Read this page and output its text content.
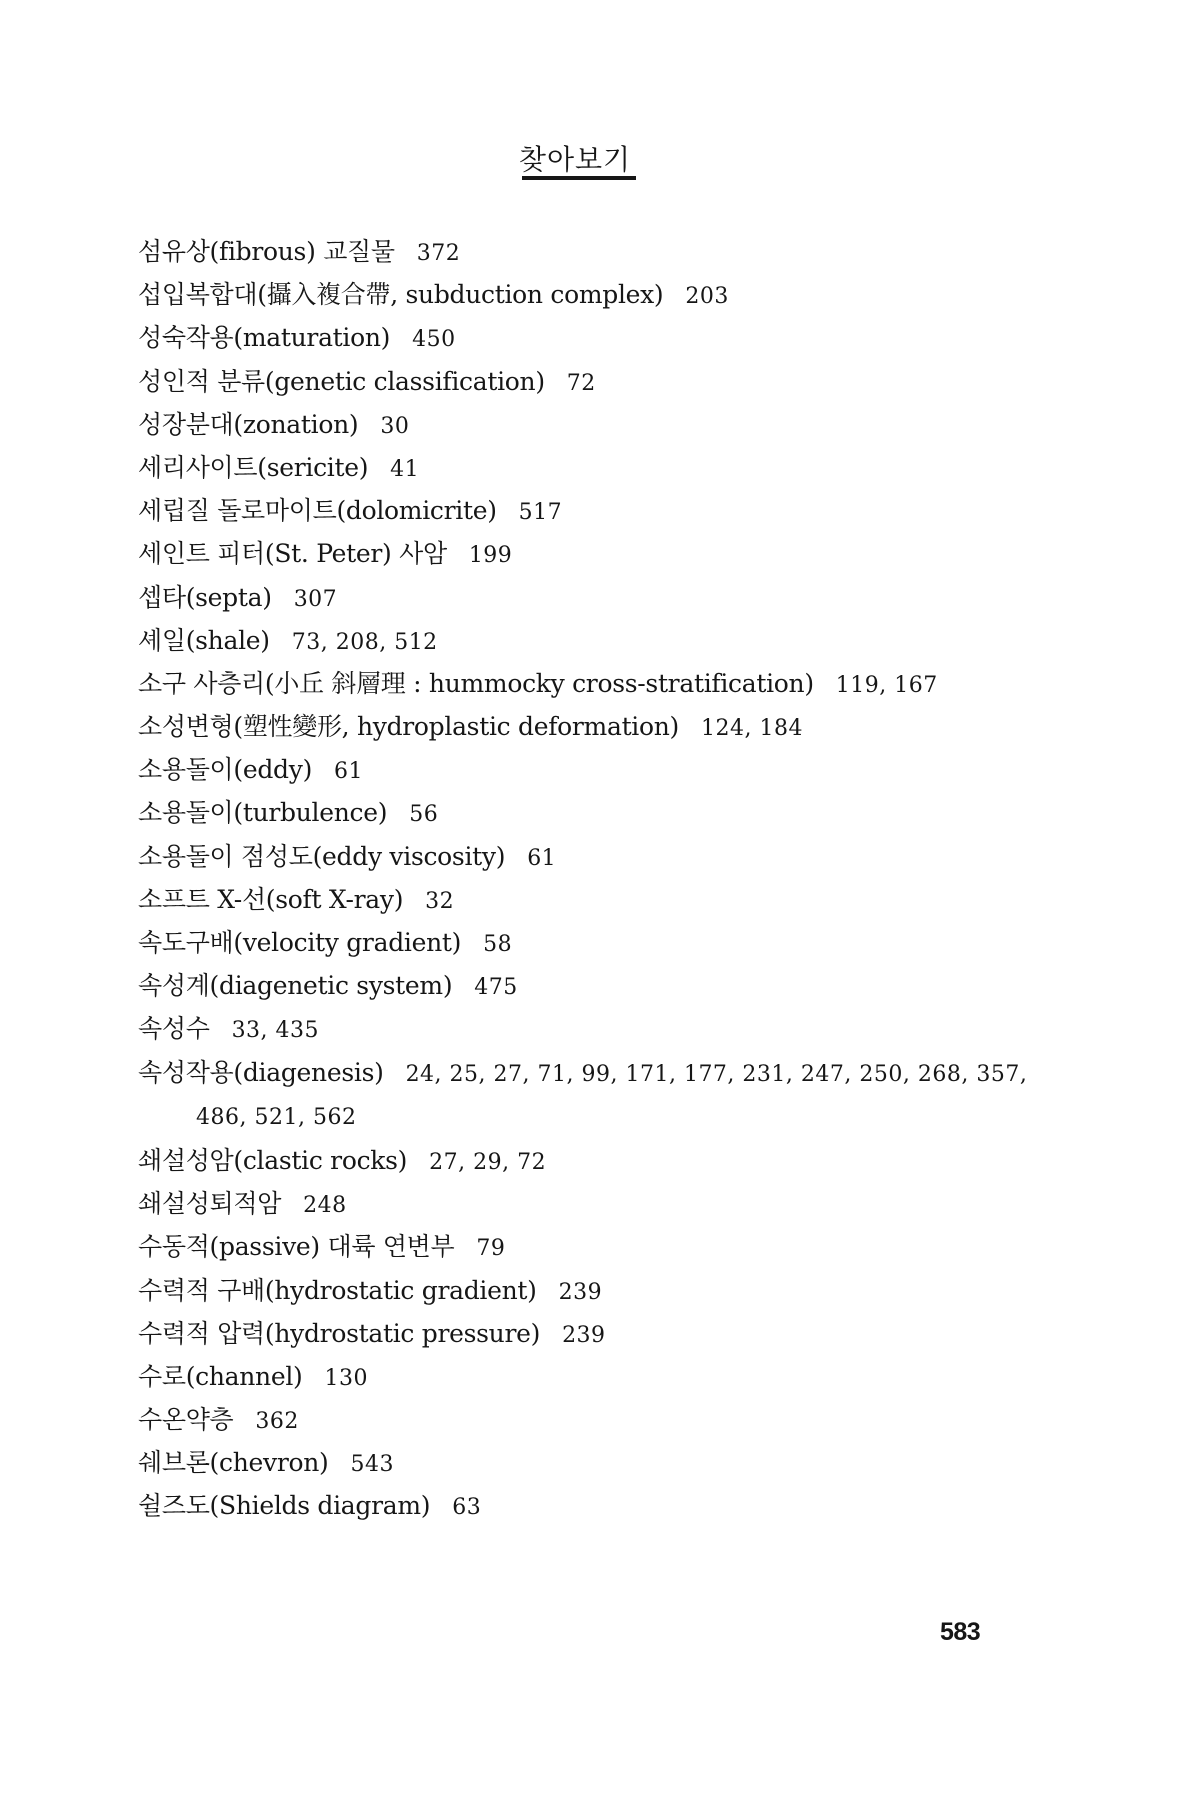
찾아보기
섬유상(fibrous) 교질물 372
섭입복합대(攝入複合帶, subduction complex) 203
성숙작용(maturation) 450
성인적 분류(genetic classification) 72
성장분대(zonation) 30
세리사이트(sericite) 41
세립질 돌로마이트(dolomicrite) 517
세인트 피터(St. Peter) 사암 199
셉타(septa) 307
셰일(shale) 73, 208, 512
소구 사층리(小丘 斜層理 : hummocky cross-stratification) 119, 167
소성변형(塑性變形, hydroplastic deformation) 124, 184
소용돌이(eddy) 61
소용돌이(turbulence) 56
소용돌이 점성도(eddy viscosity) 61
소프트 X-선(soft X-ray) 32
속도구배(velocity gradient) 58
속성계(diagenetic system) 475
속성수 33, 435
속성작용(diagenesis) 24, 25, 27, 71, 99, 171, 177, 231, 247, 250, 268, 357,
486, 521, 562
쇄설성암(clastic rocks) 27, 29, 72
쇄설성퇴적암 248
수동적(passive) 대륙 연변부 79
수력적 구배(hydrostatic gradient) 239
수력적 압력(hydrostatic pressure) 239
수로(channel) 130
수온약층 362
쉐브론(chevron) 543
쉴즈도(Shields diagram) 63
583
